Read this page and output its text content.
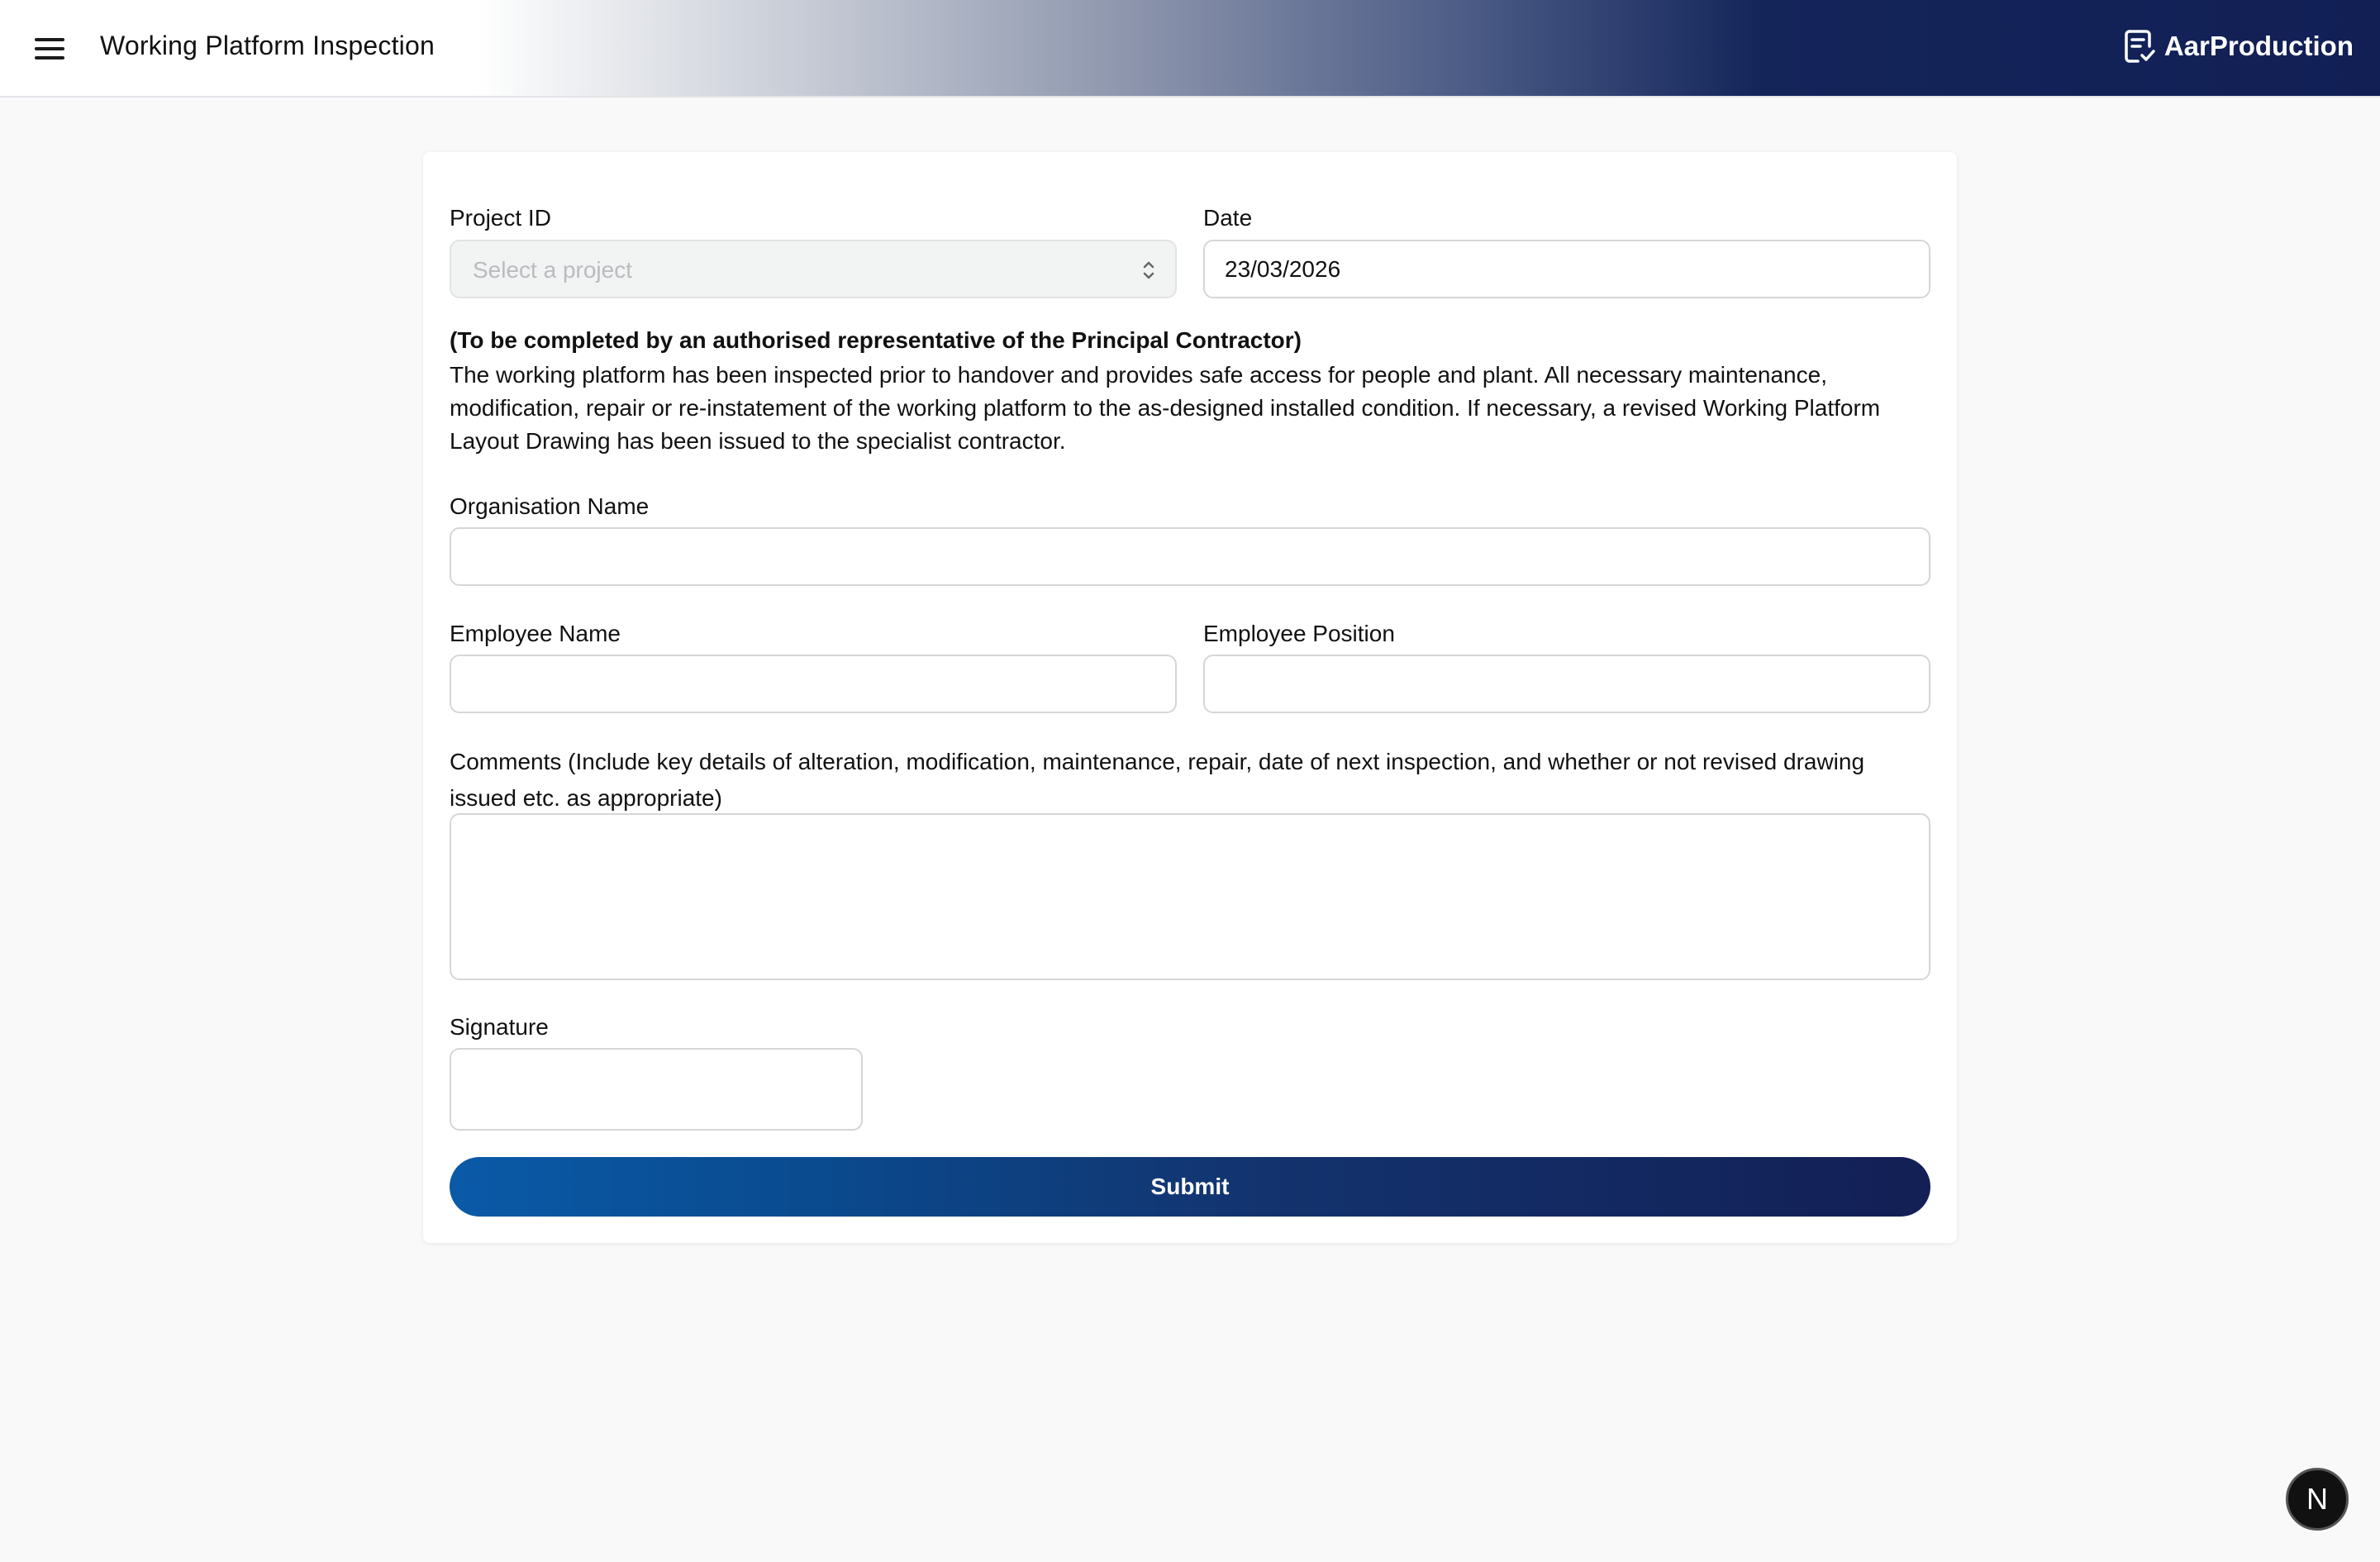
Working Platform Inspection	AarProduction
Project ID
Select a project
Date
23/03/2026
(To be completed by an authorised representative of the Principal Contractor)
The working platform has been inspected prior to handover and provides safe access for people and plant. All necessary maintenance, modification, repair or re-instatement of the working platform to the as-designed installed condition. If necessary, a revised Working Platform Layout Drawing has been issued to the specialist contractor.
Organisation Name
Employee Name	Employee Position
Comments (Include key details of alteration, modification, maintenance, repair, date of next inspection, and whether or not revised drawing issued etc. as appropriate)
Signature
Submit
N
